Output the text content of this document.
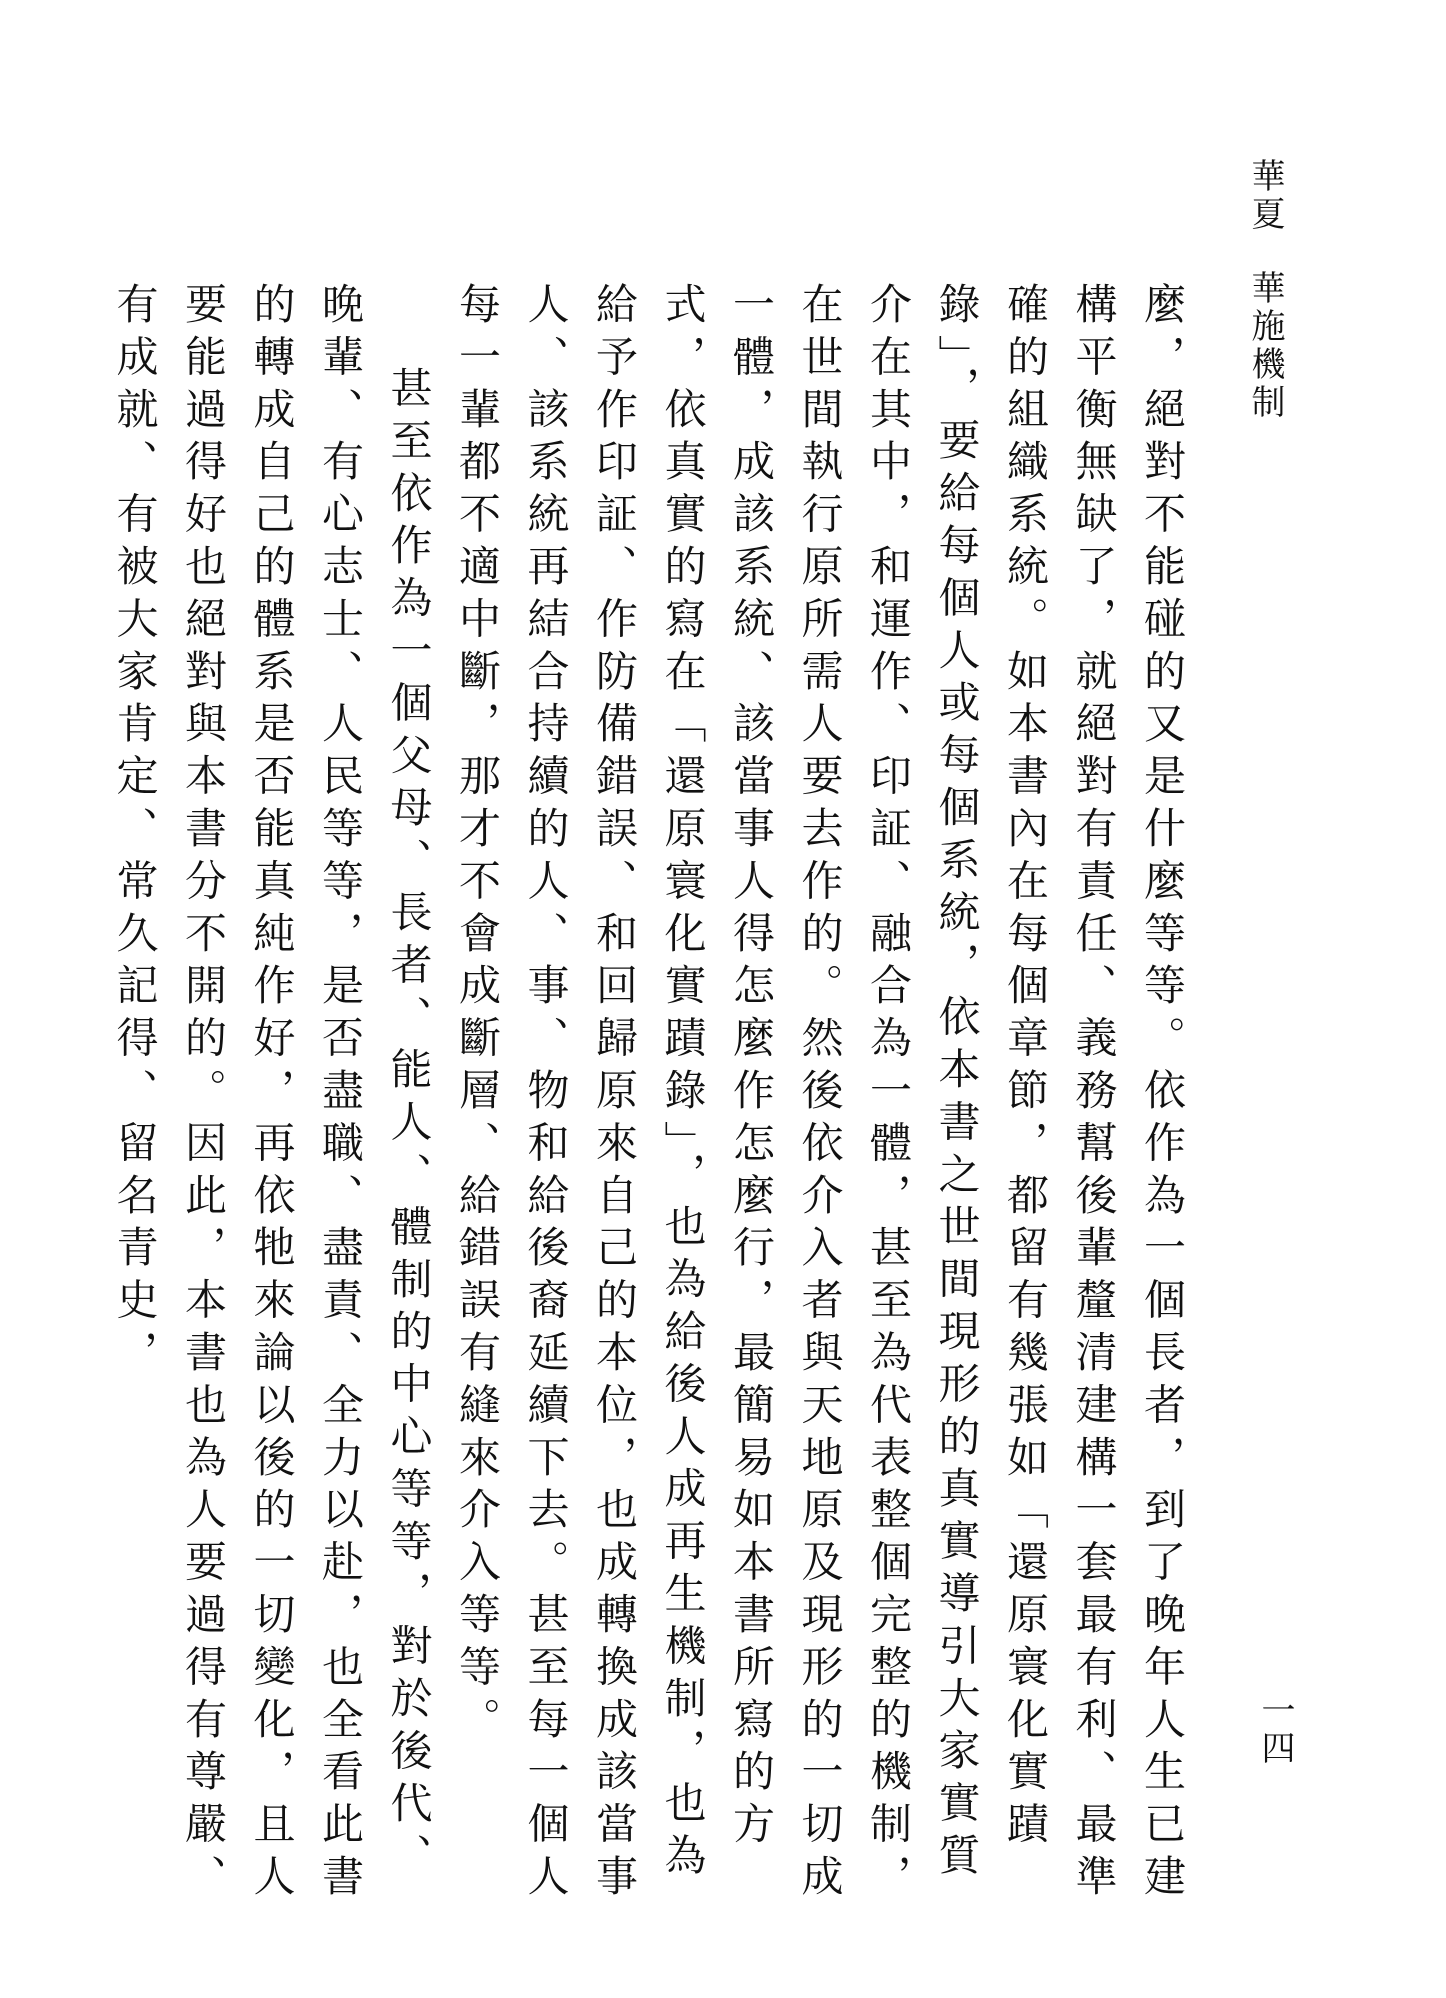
華夏華施機制
一四

麼，絕對不能碰的又是什麼等等。依作為一個長者，到了晚年人生已建構平衡無缺了，就絕對有責任、義務幫後輩釐清建構一套最有利、最準確的組織系統。如本書內在每個章節，都留有幾張如「還原寰化實蹟錄」，要給每個人或每個系統，依本書之世間現形的真實導引大家實質介在其中，和運作、印証、融合為一體，甚至為代表整個完整的機制，在世間執行原所需人要去作的。然後依介入者與天地原及現形的一切成一體，成該系統、該當事人得怎麼作怎麼行，最簡易如本書所寫的方式，依真實的寫在「還原寰化實蹟錄」，也為給後人成再生機制，也為給予作印証、作防備錯誤、和回歸原來自己的本位，也成轉換成該當事人、該系統再結合持續的人、事、物和給後裔延續下去。甚至每一個人每一輩都不適中斷，那才不會成斷層、給錯誤有縫來介入等等。

甚至依作為一個父母、長者、能人、體制的中心等等，對於後代、晚輩、有心志士、人民等等，是否盡職、盡責、全力以赴，也全看此書的轉成自己的體系是否能真純作好，再依牠來論以後的一切變化，且人要能過得好也絕對與本書分不開的。因此，本書也為人要過得有尊嚴、有成就、有被大家肯定、常久記得、留名青史，
